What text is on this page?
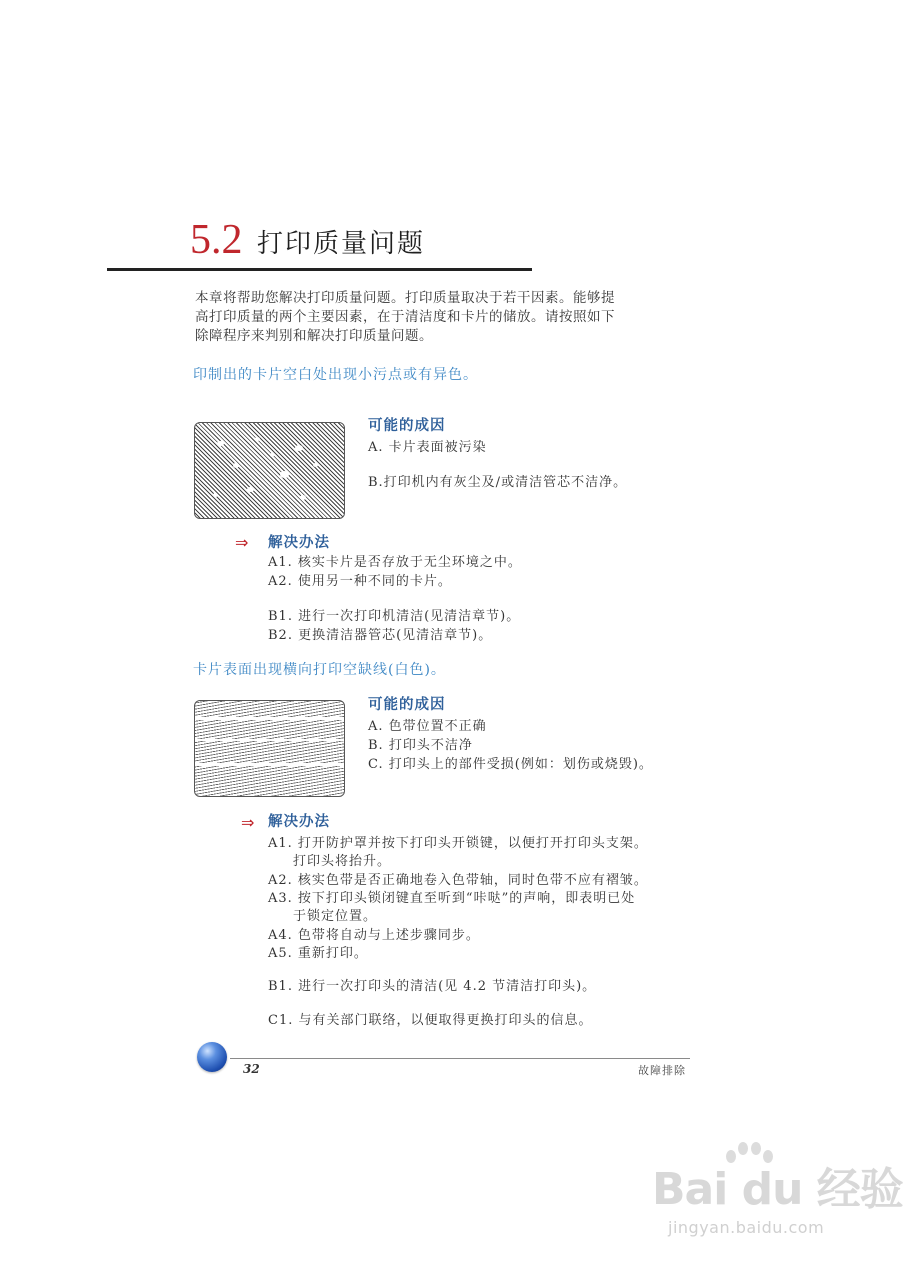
5.2 打印质量问题
本章将帮助您解决打印质量问题。打印质量取决于若干因素。能够提
高打印质量的两个主要因素，在于清洁度和卡片的储放。请按照如下
除障程序来判别和解决打印质量问题。
印制出的卡片空白处出现小污点或有异色。
可能的成因
A. 卡片表面被污染
B.打印机内有灰尘及/或清洁管芯不洁净。
⇒ 解决办法
A1. 核实卡片是否存放于无尘环境之中。
A2. 使用另一种不同的卡片。
B1. 进行一次打印机清洁(见清洁章节)。
B2. 更换清洁器管芯(见清洁章节)。
卡片表面出现横向打印空缺线(白色)。
可能的成因
A. 色带位置不正确
B. 打印头不洁净
C. 打印头上的部件受损(例如：划伤或烧毁)。
⇒ 解决办法
A1. 打开防护罩并按下打印头开锁键，以便打开打印头支架。
打印头将抬升。
A2. 核实色带是否正确地卷入色带轴，同时色带不应有褶皱。
A3. 按下打印头锁闭键直至听到“咔哒”的声响，即表明已处
于锁定位置。
A4. 色带将自动与上述步骤同步。
A5. 重新打印。
B1. 进行一次打印头的清洁(见 4.2 节清洁打印头)。
C1. 与有关部门联络，以便取得更换打印头的信息。
32	故障排除
Bai du 经验
jingyan.baidu.com
